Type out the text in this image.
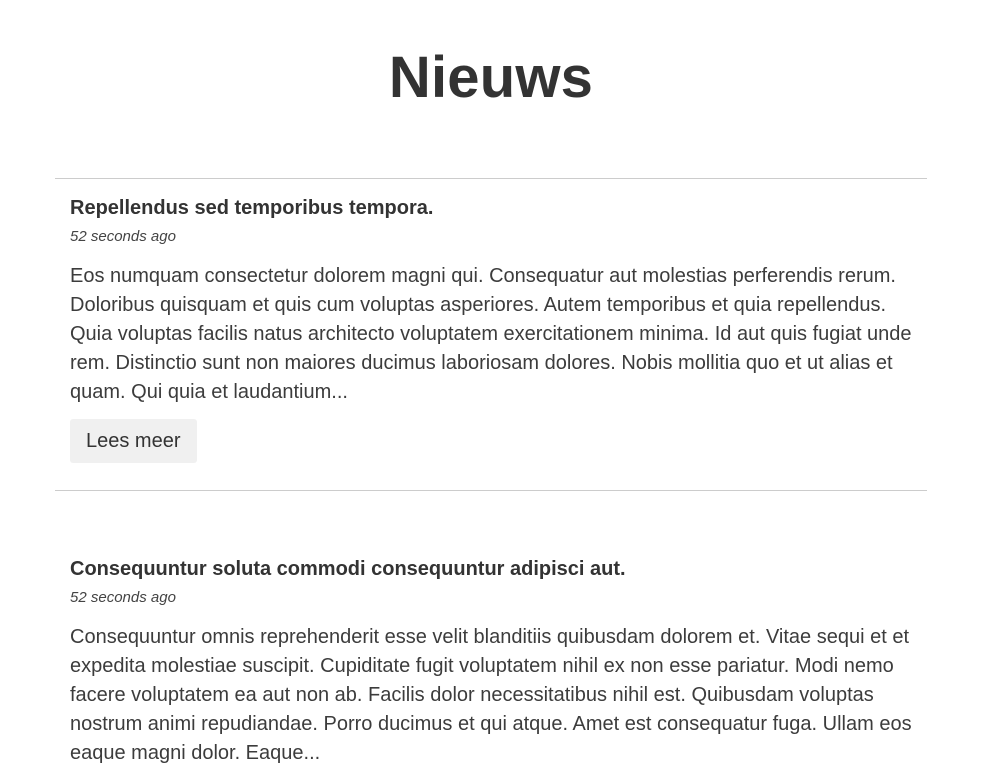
Nieuws
Repellendus sed temporibus tempora.

52 seconds ago

Eos numquam consectetur dolorem magni qui. Consequatur aut molestias perferendis rerum. Doloribus quisquam et quis cum voluptas asperiores. Autem temporibus et quia repellendus. Quia voluptas facilis natus architecto voluptatem exercitationem minima. Id aut quis fugiat unde rem. Distinctio sunt non maiores ducimus laboriosam dolores. Nobis mollitia quo et ut alias et quam. Qui quia et laudantium...

Lees meer
Consequuntur soluta commodi consequuntur adipisci aut.

52 seconds ago

Consequuntur omnis reprehenderit esse velit blanditiis quibusdam dolorem et. Vitae sequi et et expedita molestiae suscipit. Cupiditate fugit voluptatem nihil ex non esse pariatur. Modi nemo facere voluptatem ea aut non ab. Facilis dolor necessitatibus nihil est. Quibusdam voluptas nostrum animi repudiandae. Porro ducimus et qui atque. Amet est consequatur fuga. Ullam eos eaque magni dolor. Eaque...
